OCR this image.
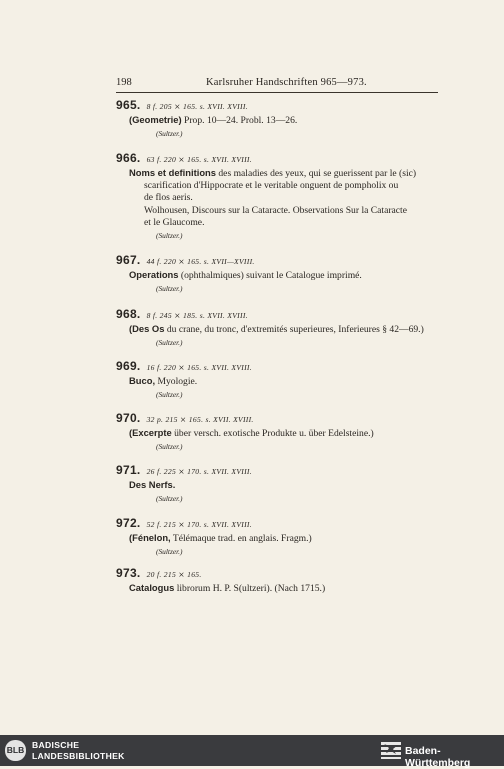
198	Karlsruher Handschriften 965—973.
965. 8 f. 205 ⨯ 165. s. XVII. XVIII.
(Geometrie) Prop. 10—24. Probl. 13—26.
(Sultzer.)
966. 63 f. 220 ⨯ 165. s. XVII. XVIII.
Noms et definitions des maladies des yeux, qui se guerissent par le (sic)
scarification d'Hippocrate et le veritable onguent de pompholix ou
de flos aeris.
Wolhousen, Discours sur la Cataracte. Observations Sur la Cataracte
et le Glaucome.
(Sultzer.)
967. 44 f. 220 ⨯ 165. s. XVII—XVIII.
Operations (ophthalmiques) suivant le Catalogue imprimé.
(Sultzer.)
968. 8 f. 245 ⨯ 185. s. XVII. XVIII.
(Des Os du crane, du tronc, d'extremités superieures, Inferieures § 42—69.)
(Sultzer.)
969. 16 f. 220 ⨯ 165. s. XVII. XVIII.
Buco, Myologie.
(Sultzer.)
970. 32 p. 215 ⨯ 165. s. XVII. XVIII.
(Excerpte über versch. exotische Produkte u. über Edelsteine.)
(Sultzer.)
971. 26 f. 225 ⨯ 170. s. XVII. XVIII.
Des Nerfs.
(Sultzer.)
972. 52 f. 215 ⨯ 170. s. XVII. XVIII.
(Fénelon, Télémaque trad. en anglais. Fragm.)
(Sultzer.)
973. 20 f. 215 ⨯ 165.
Catalogus librorum H. P. S(ultzeri). (Nach 1715.)
BLB BADISCHE
LANDESBIBLIOTHEK	Baden-Württemberg
